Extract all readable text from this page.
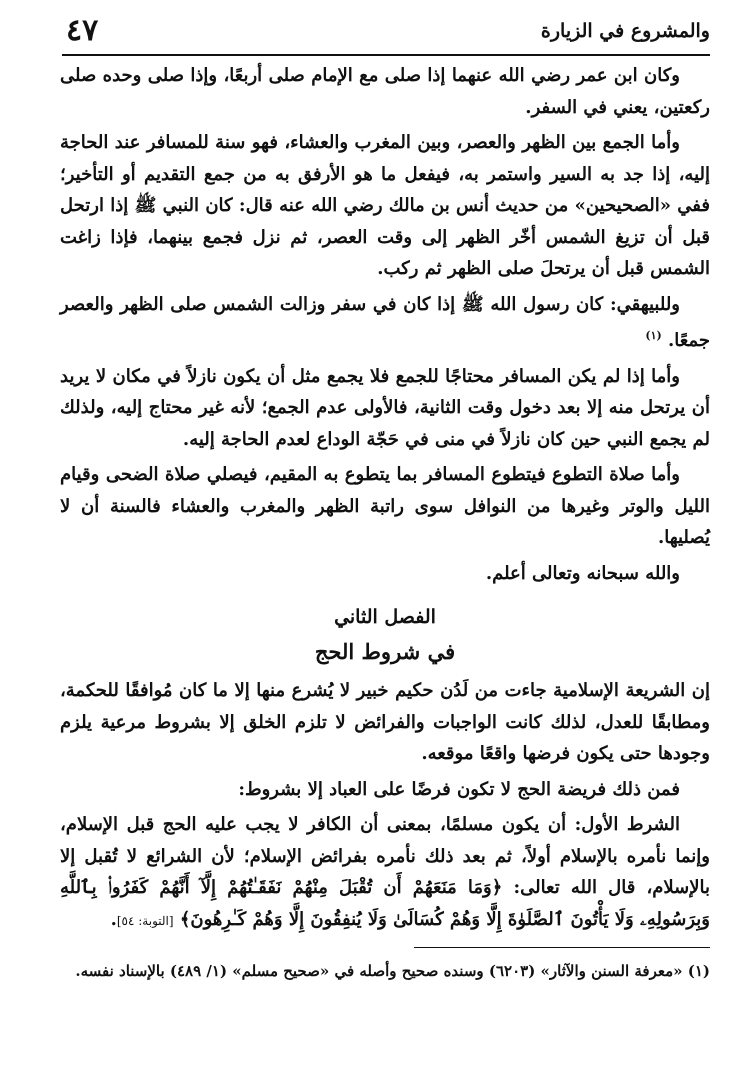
٤٧	والمشروع في الزيارة

وكان ابن عمر رضي الله عنهما إذا صلى مع الإمام صلى أربعًا، وإذا صلى وحده صلى ركعتين، يعني في السفر.

وأما الجمع بين الظهر والعصر، وبين المغرب والعشاء، فهو سنة للمسافر عند الحاجة إليه، إذا جد به السير واستمر به، فيفعل ما هو الأرفق به من جمع التقديم أو التأخير؛ ففي «الصحيحين» من حديث أنس بن مالك رضي الله عنه قال: كان النبي ﷺ إذا ارتحل قبل أن تزيغ الشمس أخّر الظهر إلى وقت العصر، ثم نزل فجمع بينهما، فإذا زاغت الشمس قبل أن يرتحلَ صلى الظهر ثم ركب.

وللبيهقي: كان رسول الله ﷺ إذا كان في سفر وزالت الشمس صلى الظهر والعصر جمعًا. $^{(١)}$

وأما إذا لم يكن المسافر محتاجًا للجمع فلا يجمع مثل أن يكون نازلاً في مكان لا يريد أن يرتحل منه إلا بعد دخول وقت الثانية، فالأولى عدم الجمع؛ لأنه غير محتاج إليه، ولذلك لم يجمع النبي حين كان نازلاً في منى في حَجّة الوداع لعدم الحاجة إليه.

وأما صلاة التطوع فيتطوع المسافر بما يتطوع به المقيم، فيصلي صلاة الضحى وقيام الليل والوتر وغيرها من النوافل سوى راتبة الظهر والمغرب والعشاء فالسنة أن لا يُصليها.

والله سبحانه وتعالى أعلم.

الفصل الثاني
في شروط الحج

إن الشريعة الإسلامية جاءت من لَدُن حكيم خبير لا يُشرع منها إلا ما كان مُوافقًا للحكمة، ومطابقًا للعدل، لذلك كانت الواجبات والفرائض لا تلزم الخلق إلا بشروط مرعية يلزم وجودها حتى يكون فرضها واقعًا موقعه.

فمن ذلك فريضة الحج لا تكون فرضًا على العباد إلا بشروط:

الشرط الأول: أن يكون مسلمًا، بمعنى أن الكافر لا يجب عليه الحج قبل الإسلام، وإنما نأمره بالإسلام أولاً، ثم بعد ذلك نأمره بفرائض الإسلام؛ لأن الشرائع لا تُقبل إلا بالإسلام، قال الله تعالى: ﴿وَمَا مَنَعَهُمْ أَن تُقْبَلَ مِنْهُمْ نَفَقَـٰتُهُمْ إِلَّآ أَنَّهُمْ كَفَرُوا۟ بِٱللَّهِ وَبِرَسُولِهِۦ وَلَا يَأْتُونَ ٱلصَّلَوٰةَ إِلَّا وَهُمْ كُسَالَىٰ وَلَا يُنفِقُونَ إِلَّا وَهُمْ كَـٰرِهُونَ﴾ [التوبة: ٥٤].

(١) «معرفة السنن والآثار» (٦٢٠٣) وسنده صحيح وأصله في «صحيح مسلم» (١/ ٤٨٩) بالإسناد نفسه.
